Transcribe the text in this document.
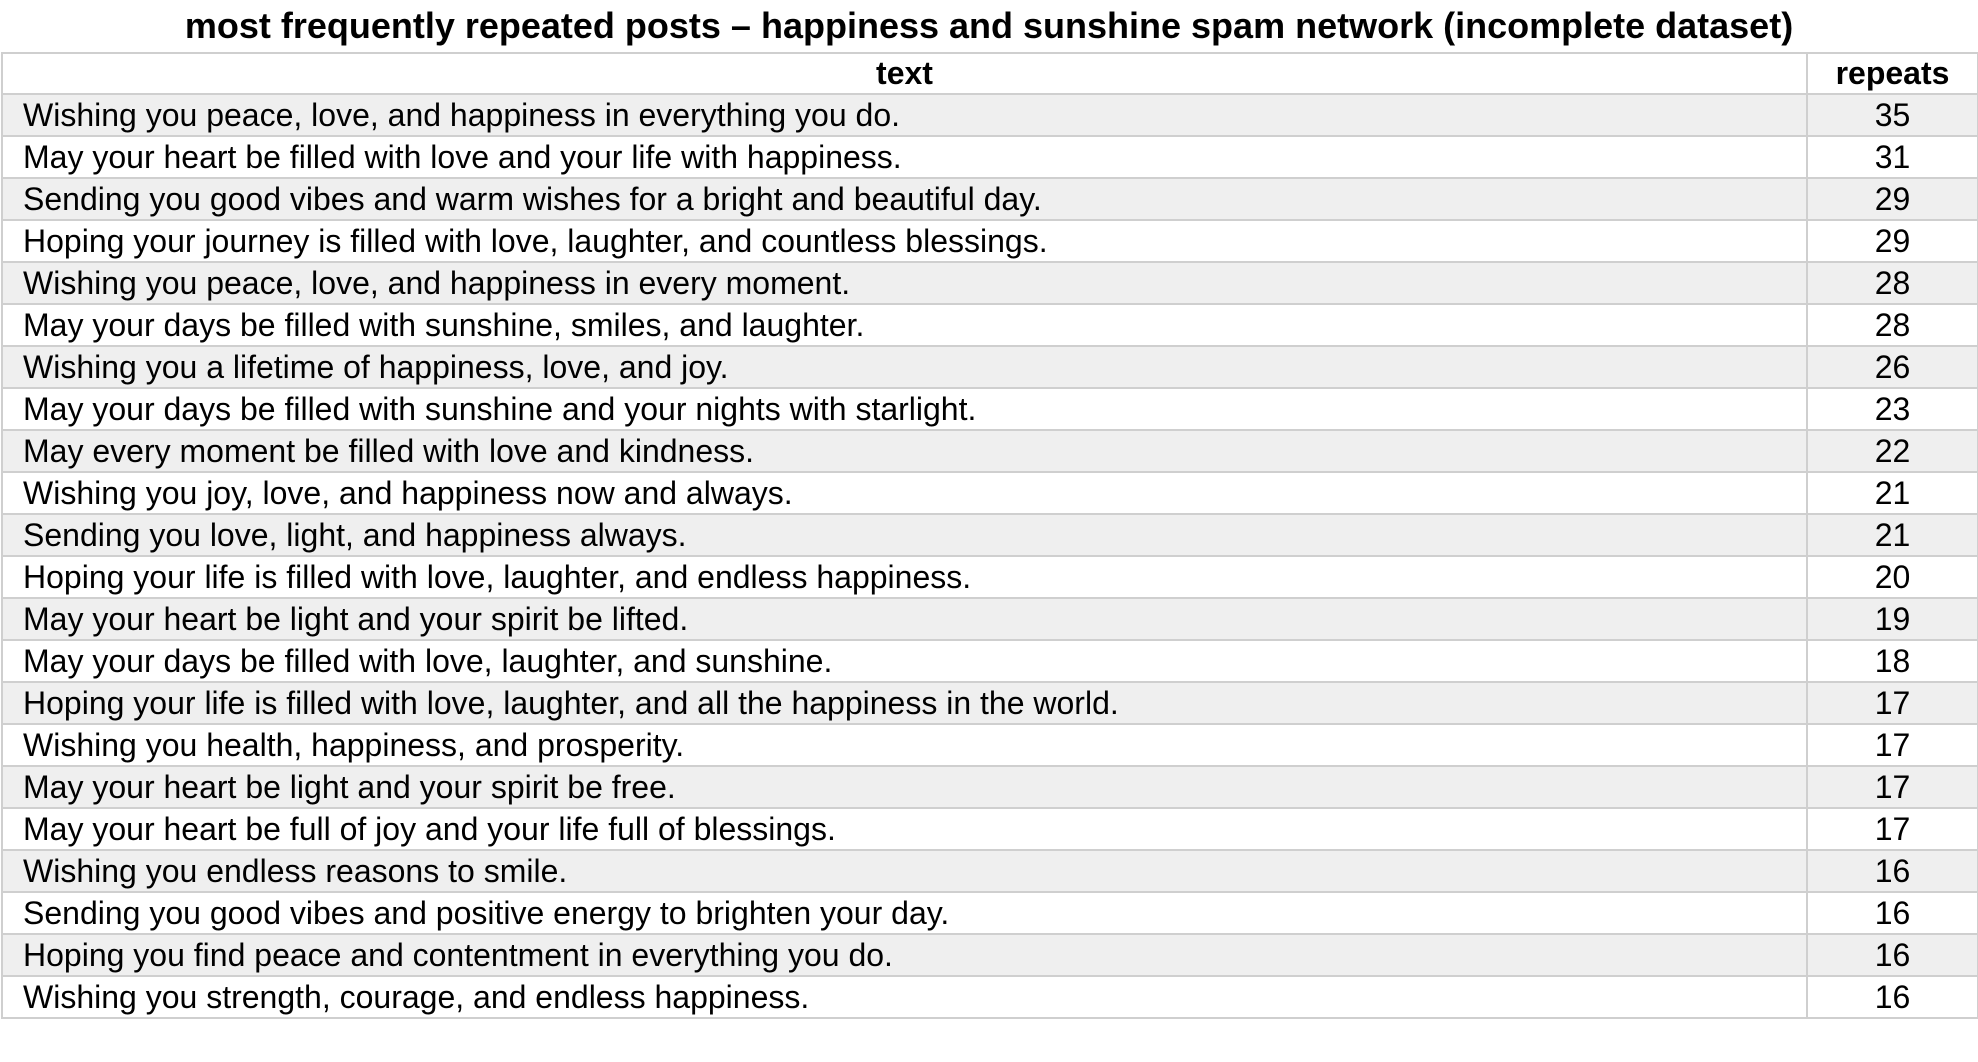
most frequently repeated posts – happiness and sunshine spam network (incomplete dataset)
text	repeats
Wishing you peace, love, and happiness in everything you do.	35
May your heart be filled with love and your life with happiness.	31
Sending you good vibes and warm wishes for a bright and beautiful day.	29
Hoping your journey is filled with love, laughter, and countless blessings.	29
Wishing you peace, love, and happiness in every moment.	28
May your days be filled with sunshine, smiles, and laughter.	28
Wishing you a lifetime of happiness, love, and joy.	26
May your days be filled with sunshine and your nights with starlight.	23
May every moment be filled with love and kindness.	22
Wishing you joy, love, and happiness now and always.	21
Sending you love, light, and happiness always.	21
Hoping your life is filled with love, laughter, and endless happiness.	20
May your heart be light and your spirit be lifted.	19
May your days be filled with love, laughter, and sunshine.	18
Hoping your life is filled with love, laughter, and all the happiness in the world.	17
Wishing you health, happiness, and prosperity.	17
May your heart be light and your spirit be free.	17
May your heart be full of joy and your life full of blessings.	17
Wishing you endless reasons to smile.	16
Sending you good vibes and positive energy to brighten your day.	16
Hoping you find peace and contentment in everything you do.	16
Wishing you strength, courage, and endless happiness.	16
